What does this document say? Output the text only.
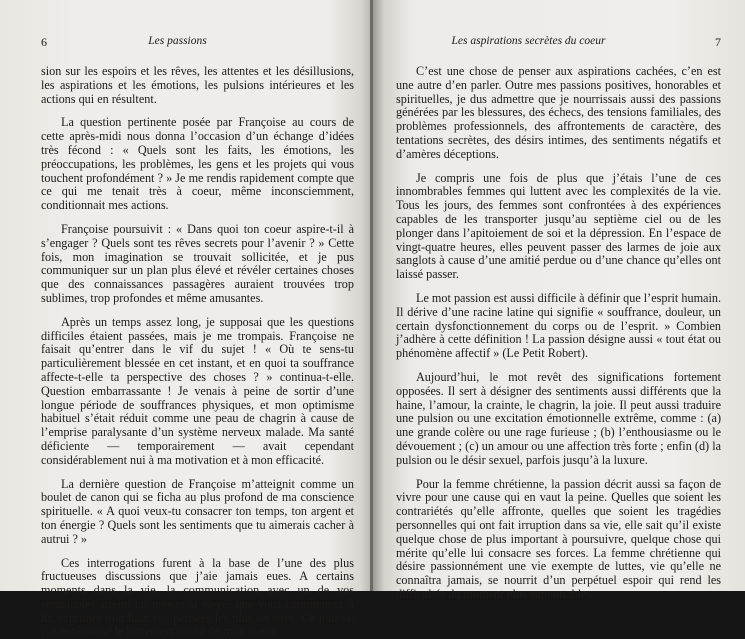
6	Les passions

sion sur les espoirs et les rêves, les attentes et les désillusions, les aspirations et les émotions, les pulsions intérieures et les actions qui en résultent.

La question pertinente posée par Françoise au cours de cette après-midi nous donna l’occasion d’un échange d’idées très fécond : « Quels sont les faits, les émotions, les préoccupations, les problèmes, les gens et les projets qui vous touchent profondément ? » Je me rendis rapidement compte que ce qui me tenait très à coeur, même inconsciemment, conditionnait mes actions.

Françoise poursuivit : « Dans quoi ton coeur aspire-t-il à s’engager ? Quels sont tes rêves secrets pour l’avenir ? » Cette fois, mon imagination se trouvait sollicitée, et je pus communiquer sur un plan plus élevé et révéler certaines choses que des connaissances passagères auraient trouvées trop sublimes, trop profondes et même amusantes.

Après un temps assez long, je supposai que les questions difficiles étaient passées, mais je me trompais. Françoise ne faisait qu’entrer dans le vif du sujet ! « Où te sens-tu particulièrement blessée en cet instant, et en quoi ta souffrance affecte-t-elle ta perspective des choses ? » continua-t-elle. Question embarrassante ! Je venais à peine de sortir d’une longue période de souffrances physiques, et mon optimisme habituel s’était réduit comme une peau de chagrin à cause de l’emprise paralysante d’un système nerveux malade. Ma santé déficiente — temporairement — avait cependant considérablement nui à ma motivation et à mon efficacité.

La dernière question de Françoise m’atteignit comme un boulet de canon qui se ficha au plus profond de ma conscience spirituelle. « A quoi veux-tu consacrer ton temps, ton argent et ton énergie ? Quels sont les sentiments que tu aimerais cacher à autrui ? »

Ces interrogations furent à la base de l’une des plus fructueuses discussions que j’aie jamais eues. A certains moments dans la vie, la communication avec un de vos semblables atteint un niveau si élevé, que vous commencez à lui exprimer tout haut vos pensées les plus secrètes. Ce jour-là, j’ai extériorisé le battement caché de mon coeur.

Les aspirations secrètes du coeur	7

C’est une chose de penser aux aspirations cachées, c’en est une autre d’en parler. Outre mes passions positives, honorables et spirituelles, je dus admettre que je nourrissais aussi des passions générées par les blessures, des échecs, des tensions familiales, des problèmes professionnels, des affrontements de caractère, des tentations secrètes, des désirs intimes, des sentiments négatifs et d’amères déceptions.

Je compris une fois de plus que j’étais l’une de ces innombrables femmes qui luttent avec les complexités de la vie. Tous les jours, des femmes sont confrontées à des expériences capables de les transporter jusqu’au septième ciel ou de les plonger dans l’apitoiement de soi et la dépression. En l’espace de vingt-quatre heures, elles peuvent passer des larmes de joie aux sanglots à cause d’une amitié perdue ou d’une chance qu’elles ont laissé passer.

Le mot passion est aussi difficile à définir que l’esprit humain. Il dérive d’une racine latine qui signifie « souffrance, douleur, un certain dysfonctionnement du corps ou de l’esprit. » Combien j’adhère à cette définition ! La passion désigne aussi « tout état ou phénomène affectif » (Le Petit Robert).

Aujourd’hui, le mot revêt des significations fortement opposées. Il sert à désigner des sentiments aussi différents que la haine, l’amour, la crainte, le chagrin, la joie. Il peut aussi traduire une pulsion ou une excitation émotionnelle extrême, comme : (a) une grande colère ou une rage furieuse ; (b) l’enthousiasme ou le dévouement ; (c) un amour ou une affection très forte ; enfin (d) la pulsion ou le désir sexuel, parfois jusqu’à la luxure.

Pour la femme chrétienne, la passion décrit aussi sa façon de vivre pour une cause qui en vaut la peine. Quelles que soient les contrariétés qu’elle affronte, quelles que soient les tragédies personnelles qui ont fait irruption dans sa vie, elle sait qu’il existe quelque chose de plus important à poursuivre, quelque chose qui mérite qu’elle lui consacre ses forces. La femme chrétienne qui désire passionnément une vie exempte de luttes, vie qu’elle ne connaîtra jamais, se nourrit d’un perpétuel espoir qui rend les difficultés du moment plus supportables.
